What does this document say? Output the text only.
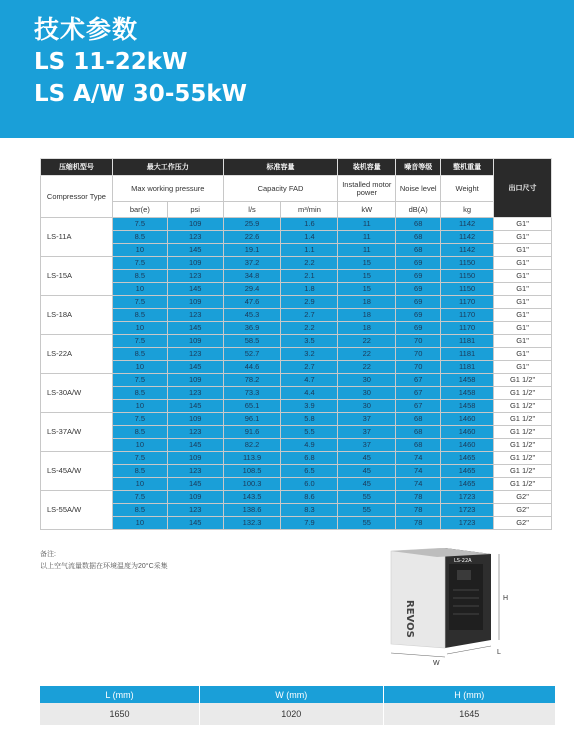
技术参数
LS 11-22kW
LS A/W 30-55kW
压缩机型号	最大工作压力		标准容量		装机容量	噪音等级	整机重量	出口尺寸
Compressor Type	Max working pressure		Capacity FAD		Installed motor power	Noise level	Weight	
	bar(e)	psi	l/s	m³/min	kW	dB(A)	kg	
LS-11A	7.5	109	25.9	1.6	11	68	1142	G1"
	8.5	123	22.6	1.4	11	68	1142	G1"
	10	145	19.1	1.1	11	68	1142	G1"
LS-15A	7.5	109	37.2	2.2	15	69	1150	G1"
	8.5	123	34.8	2.1	15	69	1150	G1"
	10	145	29.4	1.8	15	69	1150	G1"
LS-18A	7.5	109	47.6	2.9	18	69	1170	G1"
	8.5	123	45.3	2.7	18	69	1170	G1"
	10	145	36.9	2.2	18	69	1170	G1"
LS-22A	7.5	109	58.5	3.5	22	70	1181	G1"
	8.5	123	52.7	3.2	22	70	1181	G1"
	10	145	44.6	2.7	22	70	1181	G1"
LS-30A/W	7.5	109	78.2	4.7	30	67	1458	G1 1/2"
	8.5	123	73.3	4.4	30	67	1458	G1 1/2"
	10	145	65.1	3.9	30	67	1458	G1 1/2"
LS-37A/W	7.5	109	96.1	5.8	37	68	1460	G1 1/2"
	8.5	123	91.6	5.5	37	68	1460	G1 1/2"
	10	145	82.2	4.9	37	68	1460	G1 1/2"
LS-45A/W	7.5	109	113.9	6.8	45	74	1465	G1 1/2"
	8.5	123	108.5	6.5	45	74	1465	G1 1/2"
	10	145	100.3	6.0	45	74	1465	G1 1/2"
LS-55A/W	7.5	109	143.5	8.6	55	78	1723	G2"
	8.5	123	138.6	8.3	55	78	1723	G2"
	10	145	132.3	7.9	55	78	1723	G2"
备注:
以上空气流量数据在环境温度为20°C采集
LS-22A
REVOS
H
W
L
L (mm)	W (mm)	H (mm)
1650	1020	1645
